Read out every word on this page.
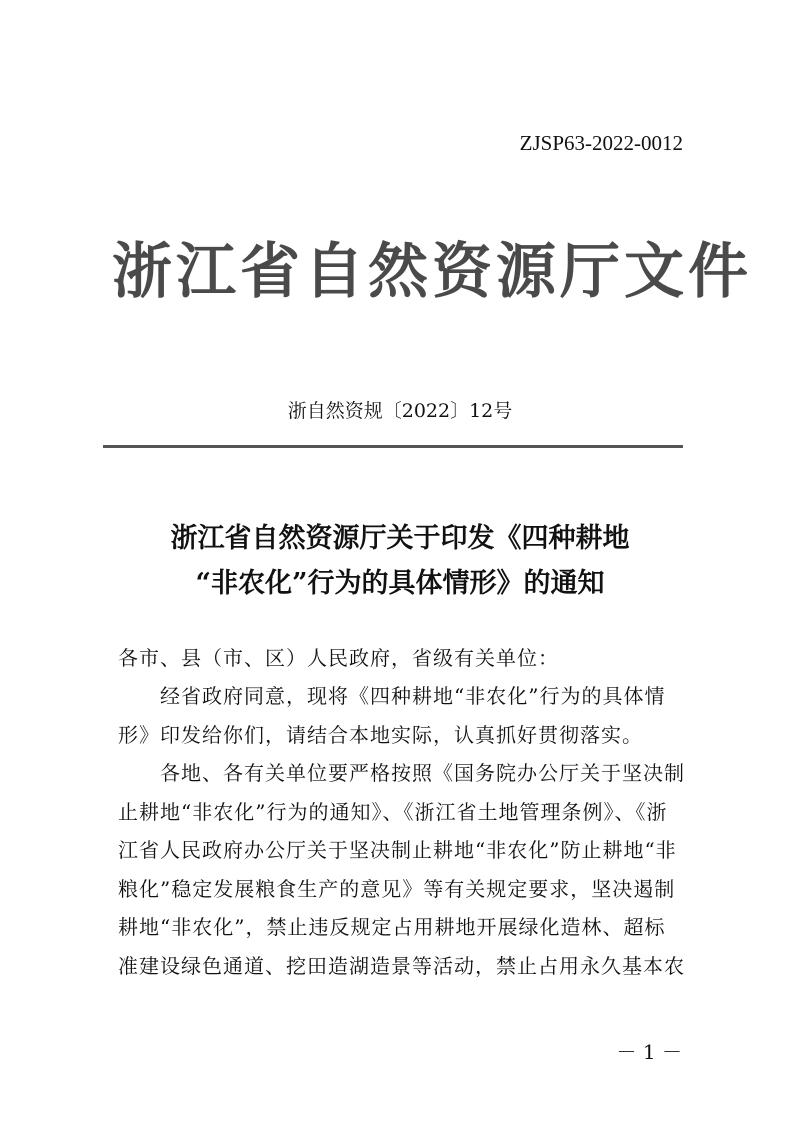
ZJSP63-2022-0012
浙江省自然资源厅文件
浙自然资规〔2022〕12号
浙江省自然资源厅关于印发《四种耕地
“非农化”行为的具体情形》的通知
各市、县（市、区）人民政府，省级有关单位：
　　经省政府同意，现将《四种耕地“非农化”行为的具体情
形》印发给你们，请结合本地实际，认真抓好贯彻落实。
　　各地、各有关单位要严格按照《国务院办公厅关于坚决制
止耕地“非农化”行为的通知》、《浙江省土地管理条例》、《浙
江省人民政府办公厅关于坚决制止耕地“非农化”防止耕地“非
粮化”稳定发展粮食生产的意见》等有关规定要求，坚决遏制
耕地“非农化”，禁止违反规定占用耕地开展绿化造林、超标
准建设绿色通道、挖田造湖造景等活动，禁止占用永久基本农
－ 1 －
